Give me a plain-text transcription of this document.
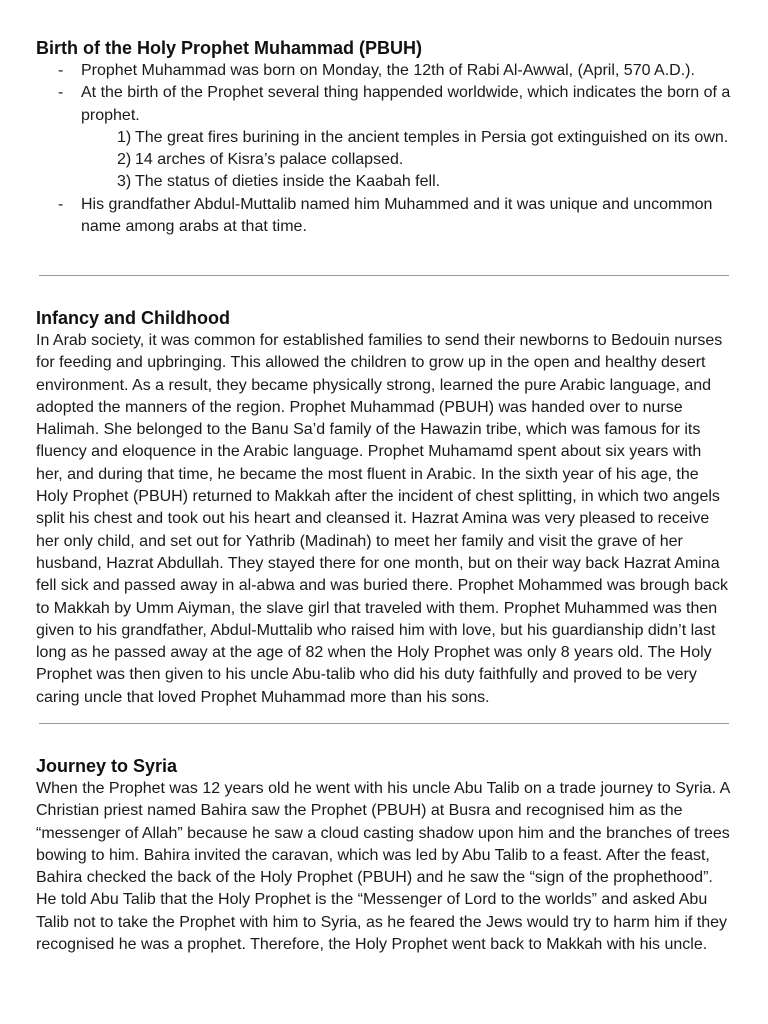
Birth of the Holy Prophet Muhammad (PBUH)
- Prophet Muhammad was born on Monday, the 12th of Rabi Al-Awwal, (April, 570 A.D.).
- At the birth of the Prophet several thing happended worldwide, which indicates the born of a prophet.
1) The great fires burining in the ancient temples in Persia got extinguished on its own.
2) 14 arches of Kisra’s palace collapsed.
3) The status of dieties inside the Kaabah fell.
- His grandfather Abdul-Muttalib named him Muhammed and it was unique and uncommon name among arabs at that time.
Infancy and Childhood

In Arab society, it was common for established families to send their newborns to Bedouin nurses for feeding and upbringing. This allowed the children to grow up in the open and healthy desert environment. As a result, they became physically strong, learned the pure Arabic language, and adopted the manners of the region. Prophet Muhammad (PBUH) was handed over to nurse Halimah. She belonged to the Banu Sa’d family of the Hawazin tribe, which was famous for its fluency and eloquence in the Arabic language. Prophet Muhamamd spent about six years with her, and during that time, he became the most fluent in Arabic. In the sixth year of his age, the Holy Prophet (PBUH) returned to Makkah after the incident of chest splitting, in which two angels split his chest and took out his heart and cleansed it. Hazrat Amina was very pleased to receive her only child, and set out for Yathrib (Madinah) to meet her family and visit the grave of her husband, Hazrat Abdullah. They stayed there for one month, but on their way back Hazrat Amina fell sick and passed away in al-abwa and was buried there. Prophet Mohammed was brough back to Makkah by Umm Aiyman, the slave girl that traveled with them. Prophet Muhammed was then given to his grandfather, Abdul-Muttalib who raised him with love, but his guardianship didn’t last long as he passed away at the age of 82 when the Holy Prophet was only 8 years old. The Holy Prophet was then given to his uncle Abu-talib who did his duty faithfully and proved to be very caring uncle that loved Prophet Muhammad more than his sons.

Journey to Syria

When the Prophet was 12 years old he went with his uncle Abu Talib on a trade journey to Syria. A Christian priest named Bahira saw the Prophet (PBUH) at Busra and recognised him as the “messenger of Allah” because he saw a cloud casting shadow upon him and the branches of trees bowing to him. Bahira invited the caravan, which was led by Abu Talib to a feast. After the feast, Bahira checked the back of the Holy Prophet (PBUH) and he saw the “sign of the prophethood”. He told Abu Talib that the Holy Prophet is the “Messenger of Lord to the worlds” and asked Abu Talib not to take the Prophet with him to Syria, as he feared the Jews would try to harm him if they recognised he was a prophet. Therefore, the Holy Prophet went back to Makkah with his uncle.
